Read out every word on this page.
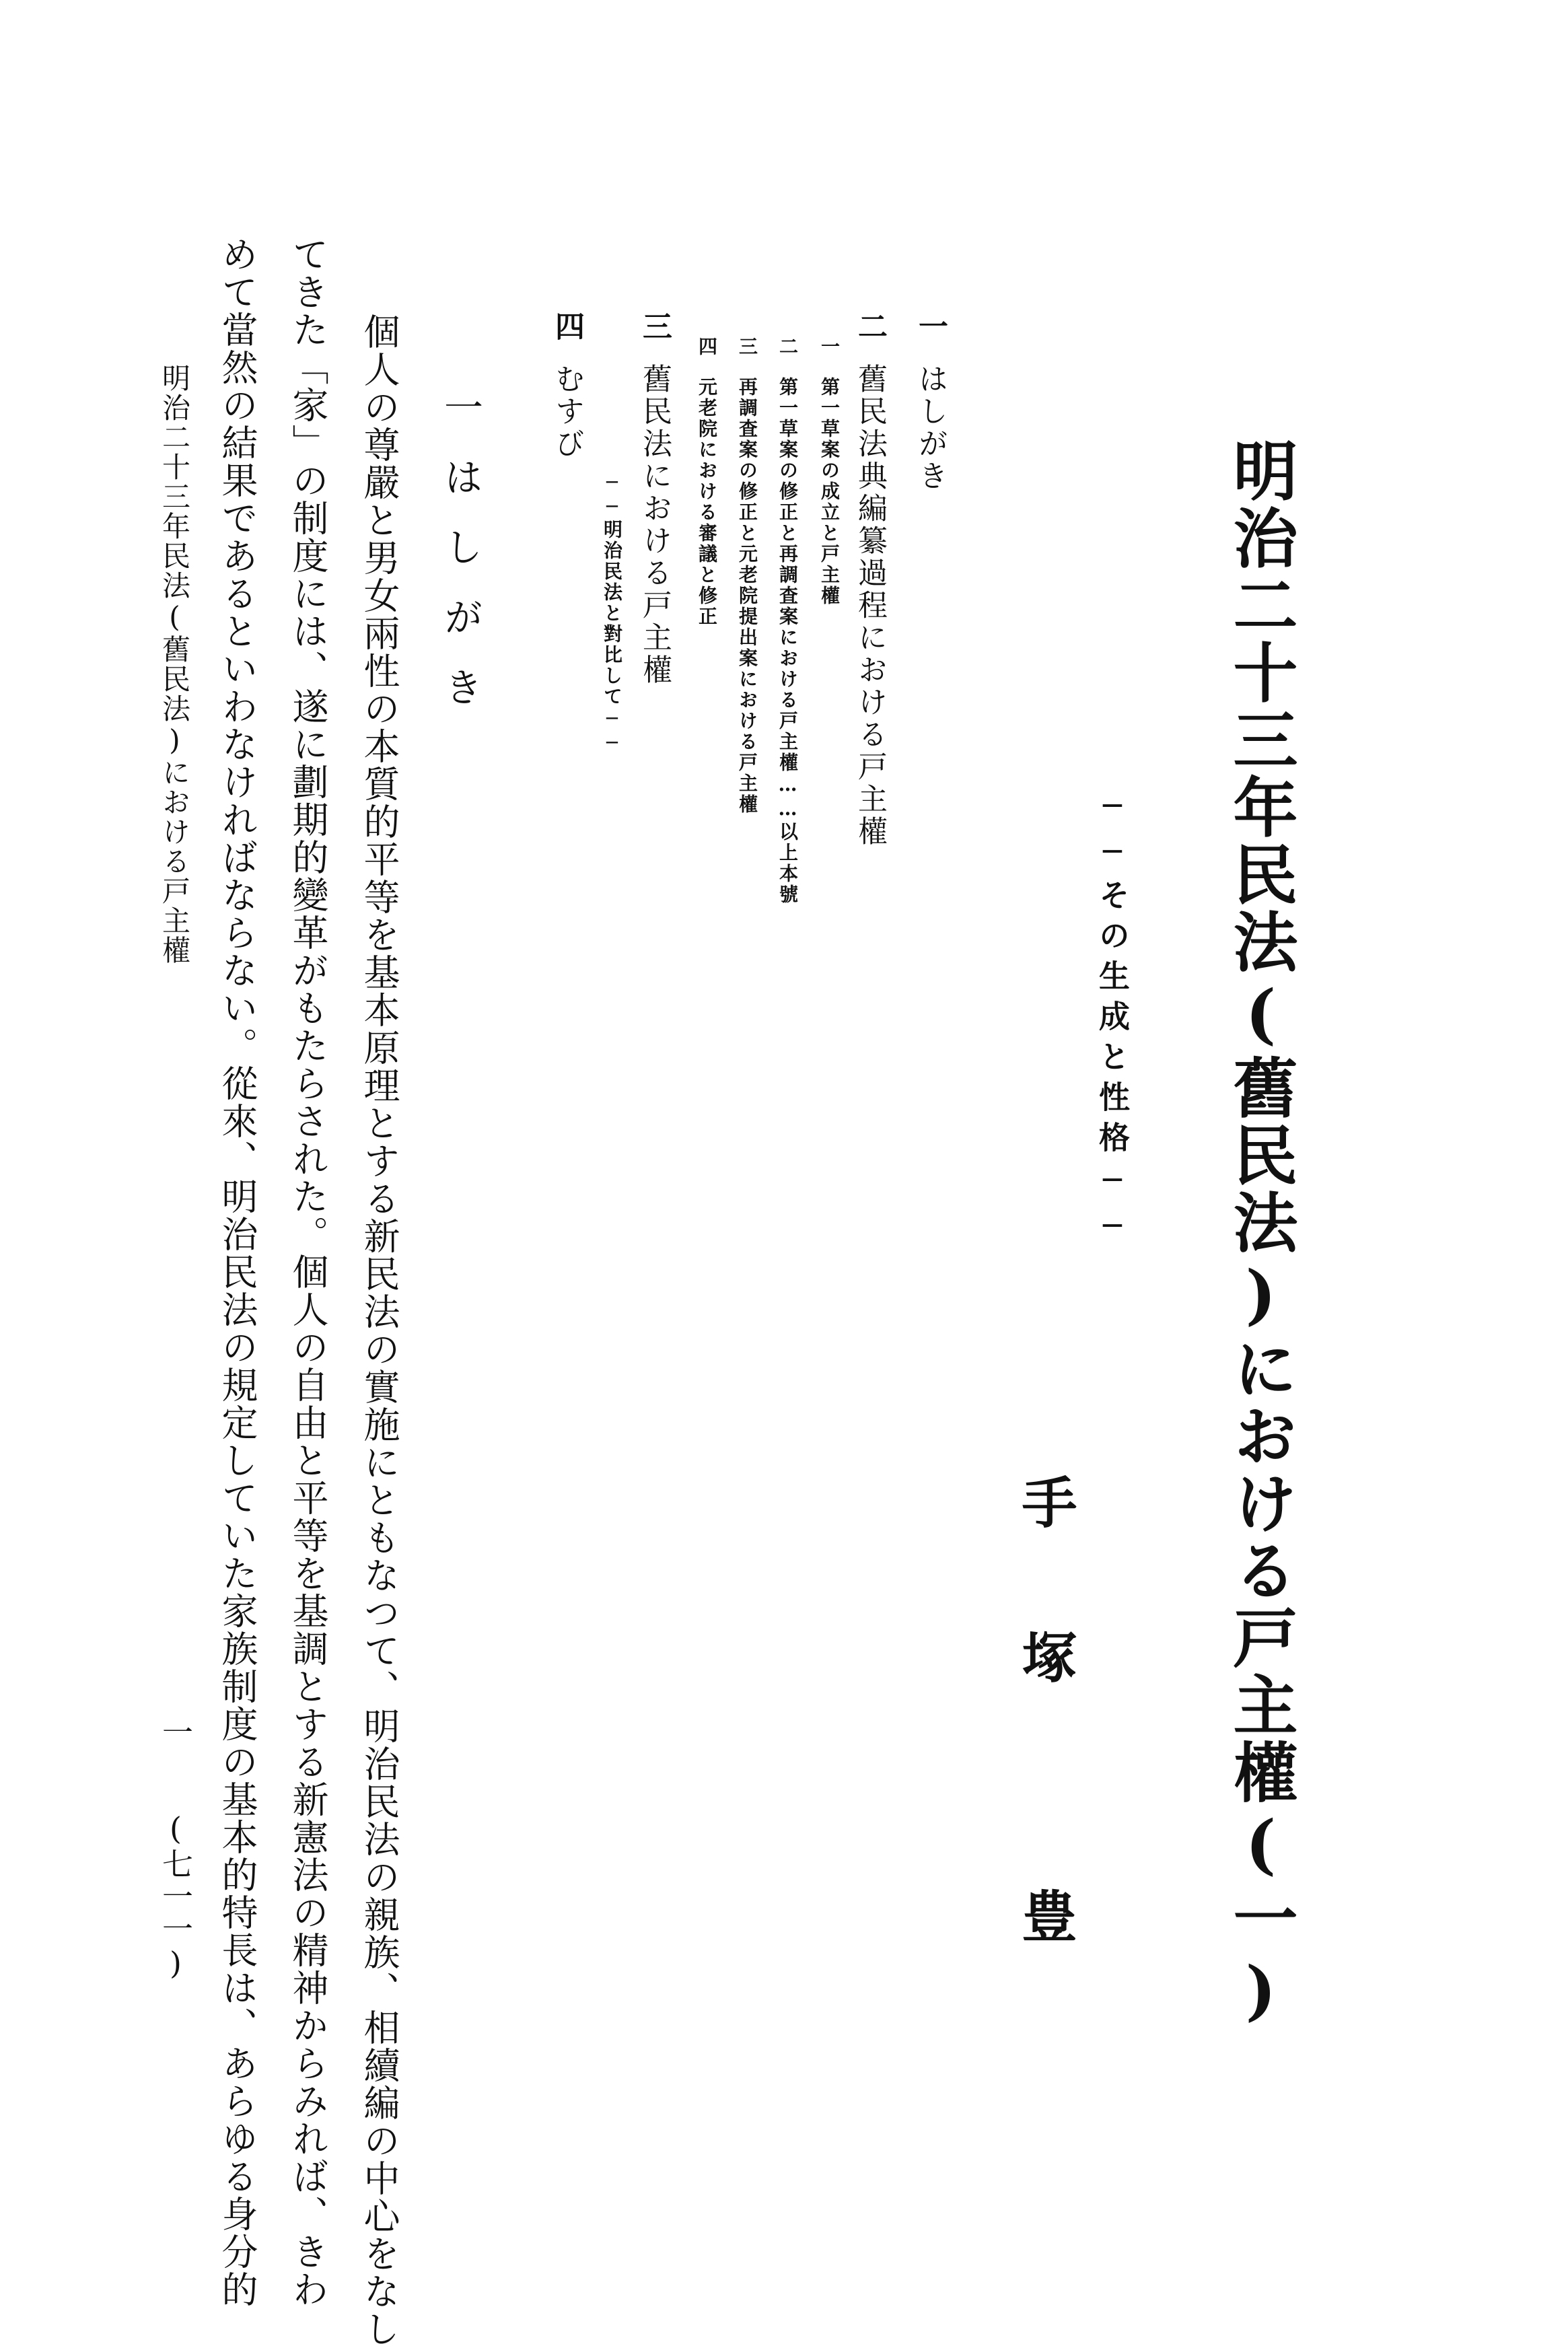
明治二十三年民法(舊民法)における戸主權(一)
──その生成と性格──
手
塚
豊
一
はしがき
二
舊民法典編纂過程における戸主權
一
第一草案の成立と戸主權
二
第一草案の修正と再調査案における戸主權……以上本號
三
再調査案の修正と元老院提出案における戸主權
四
元老院における審議と修正
三
舊民法における戸主權
──明治民法と對比して──
四
むすび
一はしがき
個人の尊嚴と男女兩性の本質的平等を基本原理とする新民法の實施にともなつて、明治民法の親族、相續編の中心をなし
てきた「家」の制度には、遂に劃期的變革がもたらされた。個人の自由と平等を基調とする新憲法の精神からみれば、きわ
めて當然の結果であるといわなければならない。從來、明治民法の規定していた家族制度の基本的特長は、あらゆる身分的
明治二十三年民法(舊民法)における戸主權
一
(七一一)
